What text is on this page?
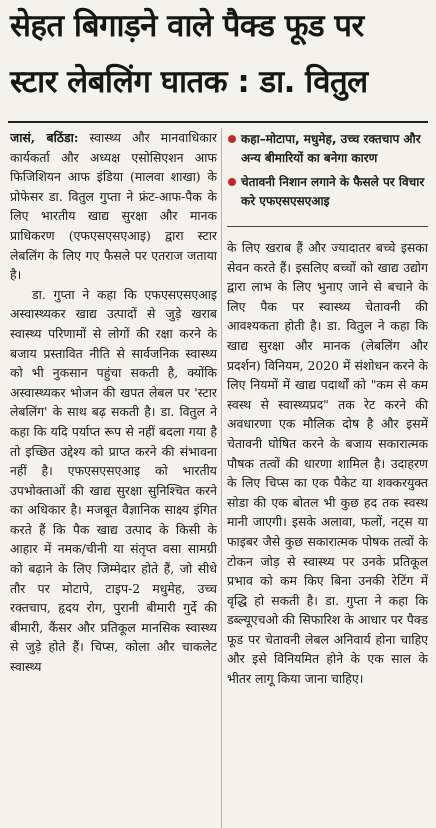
सेहत बिगाड़ने वाले पैक्ड फूड पर
स्टार लेबलिंग घातक : डा. वितुल

जासं, बठिंडा: स्वास्थ्य और मानवाधिकार कार्यकर्ता और अध्यक्ष एसोसिएशन आफ फिजिशियन आफ इंडिया (मालवा शाखा) के प्रोफेसर डा. वितुल गुप्ता ने फ्रंट-आफ-पैक के लिए भारतीय खाद्य सुरक्षा और मानक प्राधिकरण (एफएसएसएआइ) द्वारा स्टार लेबलिंग के लिए गए फैसले पर एतराज जताया है।

डा. गुप्ता ने कहा कि एफएसएसएआइ अस्वास्थ्यकर खाद्य उत्पादों से जुड़े खराब स्वास्थ्य परिणामों से लोगों की रक्षा करने के बजाय प्रस्तावित नीति से सार्वजनिक स्वास्थ्य को भी नुकसान पहुंचा सकती है, क्योंकि अस्वास्थ्यकर भोजन की खपत लेबल पर 'स्टार लेबलिंग' के साथ बढ़ सकती है। डा. वितुल ने कहा कि यदि पर्याप्त रूप से नहीं बदला गया है तो इच्छित उद्देश्य को प्राप्त करने की संभावना नहीं है। एफएसएसएआइ को भारतीय उपभोक्ताओं की खाद्य सुरक्षा सुनिश्चित करने का अधिकार है। मजबूत वैज्ञानिक साक्ष्य इंगित करते हैं कि पैक खाद्य उत्पाद के किसी के आहार में नमक/चीनी या संतृप्त वसा सामग्री को बढ़ाने के लिए जिम्मेदार होते हैं, जो सीधे तौर पर मोटापे, टाइप-2 मधुमेह, उच्च रक्तचाप, हृदय रोग, पुरानी बीमारी गुर्दे की बीमारी, कैंसर और प्रतिकूल मानसिक स्वास्थ्य से जुड़े होते हैं। चिप्स, कोला और चाकलेट स्वास्थ्य

कहा–मोटापा, मधुमेह, उच्च रक्तचाप और अन्य बीमारियों का बनेगा कारण
चेतावनी निशान लगाने के फैसले पर विचार करे एफएसएसएआइ

के लिए खराब हैं और ज्यादातर बच्चे इसका सेवन करते हैं। इसलिए बच्चों को खाद्य उद्योग द्वारा लाभ के लिए भुनाए जाने से बचाने के लिए पैक पर स्वास्थ्य चेतावनी की आवश्यकता होती है। डा. वितुल ने कहा कि खाद्य सुरक्षा और मानक (लेबलिंग और प्रदर्शन) विनियम, 2020 में संशोधन करने के लिए नियमों में खाद्य पदार्थों को "कम से कम स्वस्थ से स्वास्थ्यप्रद" तक रेट करने की अवधारणा एक मौलिक दोष है और इसमें चेतावनी घोषित करने के बजाय सकारात्मक पौषक तत्वों की धारणा शामिल है। उदाहरण के लिए चिप्स का एक पैकेट या शक्करयुक्त सोडा की एक बोतल भी कुछ हद तक स्वस्थ मानी जाएगी। इसके अलावा, फलों, नट्स या फाइबर जैसे कुछ सकारात्मक पोषक तत्वों के टोकन जोड़ से स्वास्थ्य पर उनके प्रतिकूल प्रभाव को कम किए बिना उनकी रेटिंग में वृद्धि हो सकती है। डा. गुप्ता ने कहा कि डब्ल्यूएचओ की सिफारिश के आधार पर पैक्ड फूड पर चेतावनी लेबल अनिवार्य होना चाहिए और इसे विनियमित होने के एक साल के भीतर लागू किया जाना चाहिए।
